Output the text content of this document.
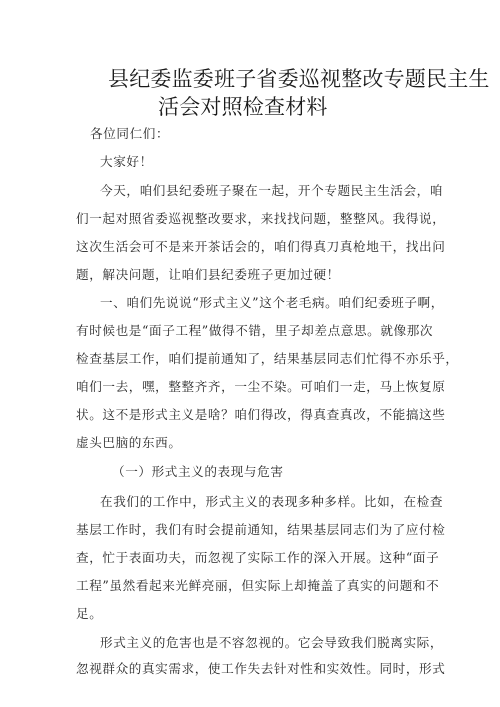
县纪委监委班子省委巡视整改专题民主生
活会对照检查材料
各位同仁们：
大家好！
今天，咱们县纪委班子聚在一起，开个专题民主生活会，咱
们一起对照省委巡视整改要求，来找找问题，整整风。我得说，
这次生活会可不是来开茶话会的，咱们得真刀真枪地干，找出问
题，解决问题，让咱们县纪委班子更加过硬！
一、咱们先说说“形式主义”这个老毛病。咱们纪委班子啊，
有时候也是“面子工程”做得不错，里子却差点意思。就像那次
检查基层工作，咱们提前通知了，结果基层同志们忙得不亦乐乎，
咱们一去，嘿，整整齐齐，一尘不染。可咱们一走，马上恢复原
状。这不是形式主义是啥？咱们得改，得真查真改，不能搞这些
虚头巴脑的东西。
（一）形式主义的表现与危害
在我们的工作中，形式主义的表现多种多样。比如，在检查
基层工作时，我们有时会提前通知，结果基层同志们为了应付检
查，忙于表面功夫，而忽视了实际工作的深入开展。这种“面子
工程”虽然看起来光鲜亮丽，但实际上却掩盖了真实的问题和不
足。
形式主义的危害也是不容忽视的。它会导致我们脱离实际，
忽视群众的真实需求，使工作失去针对性和实效性。同时，形式
